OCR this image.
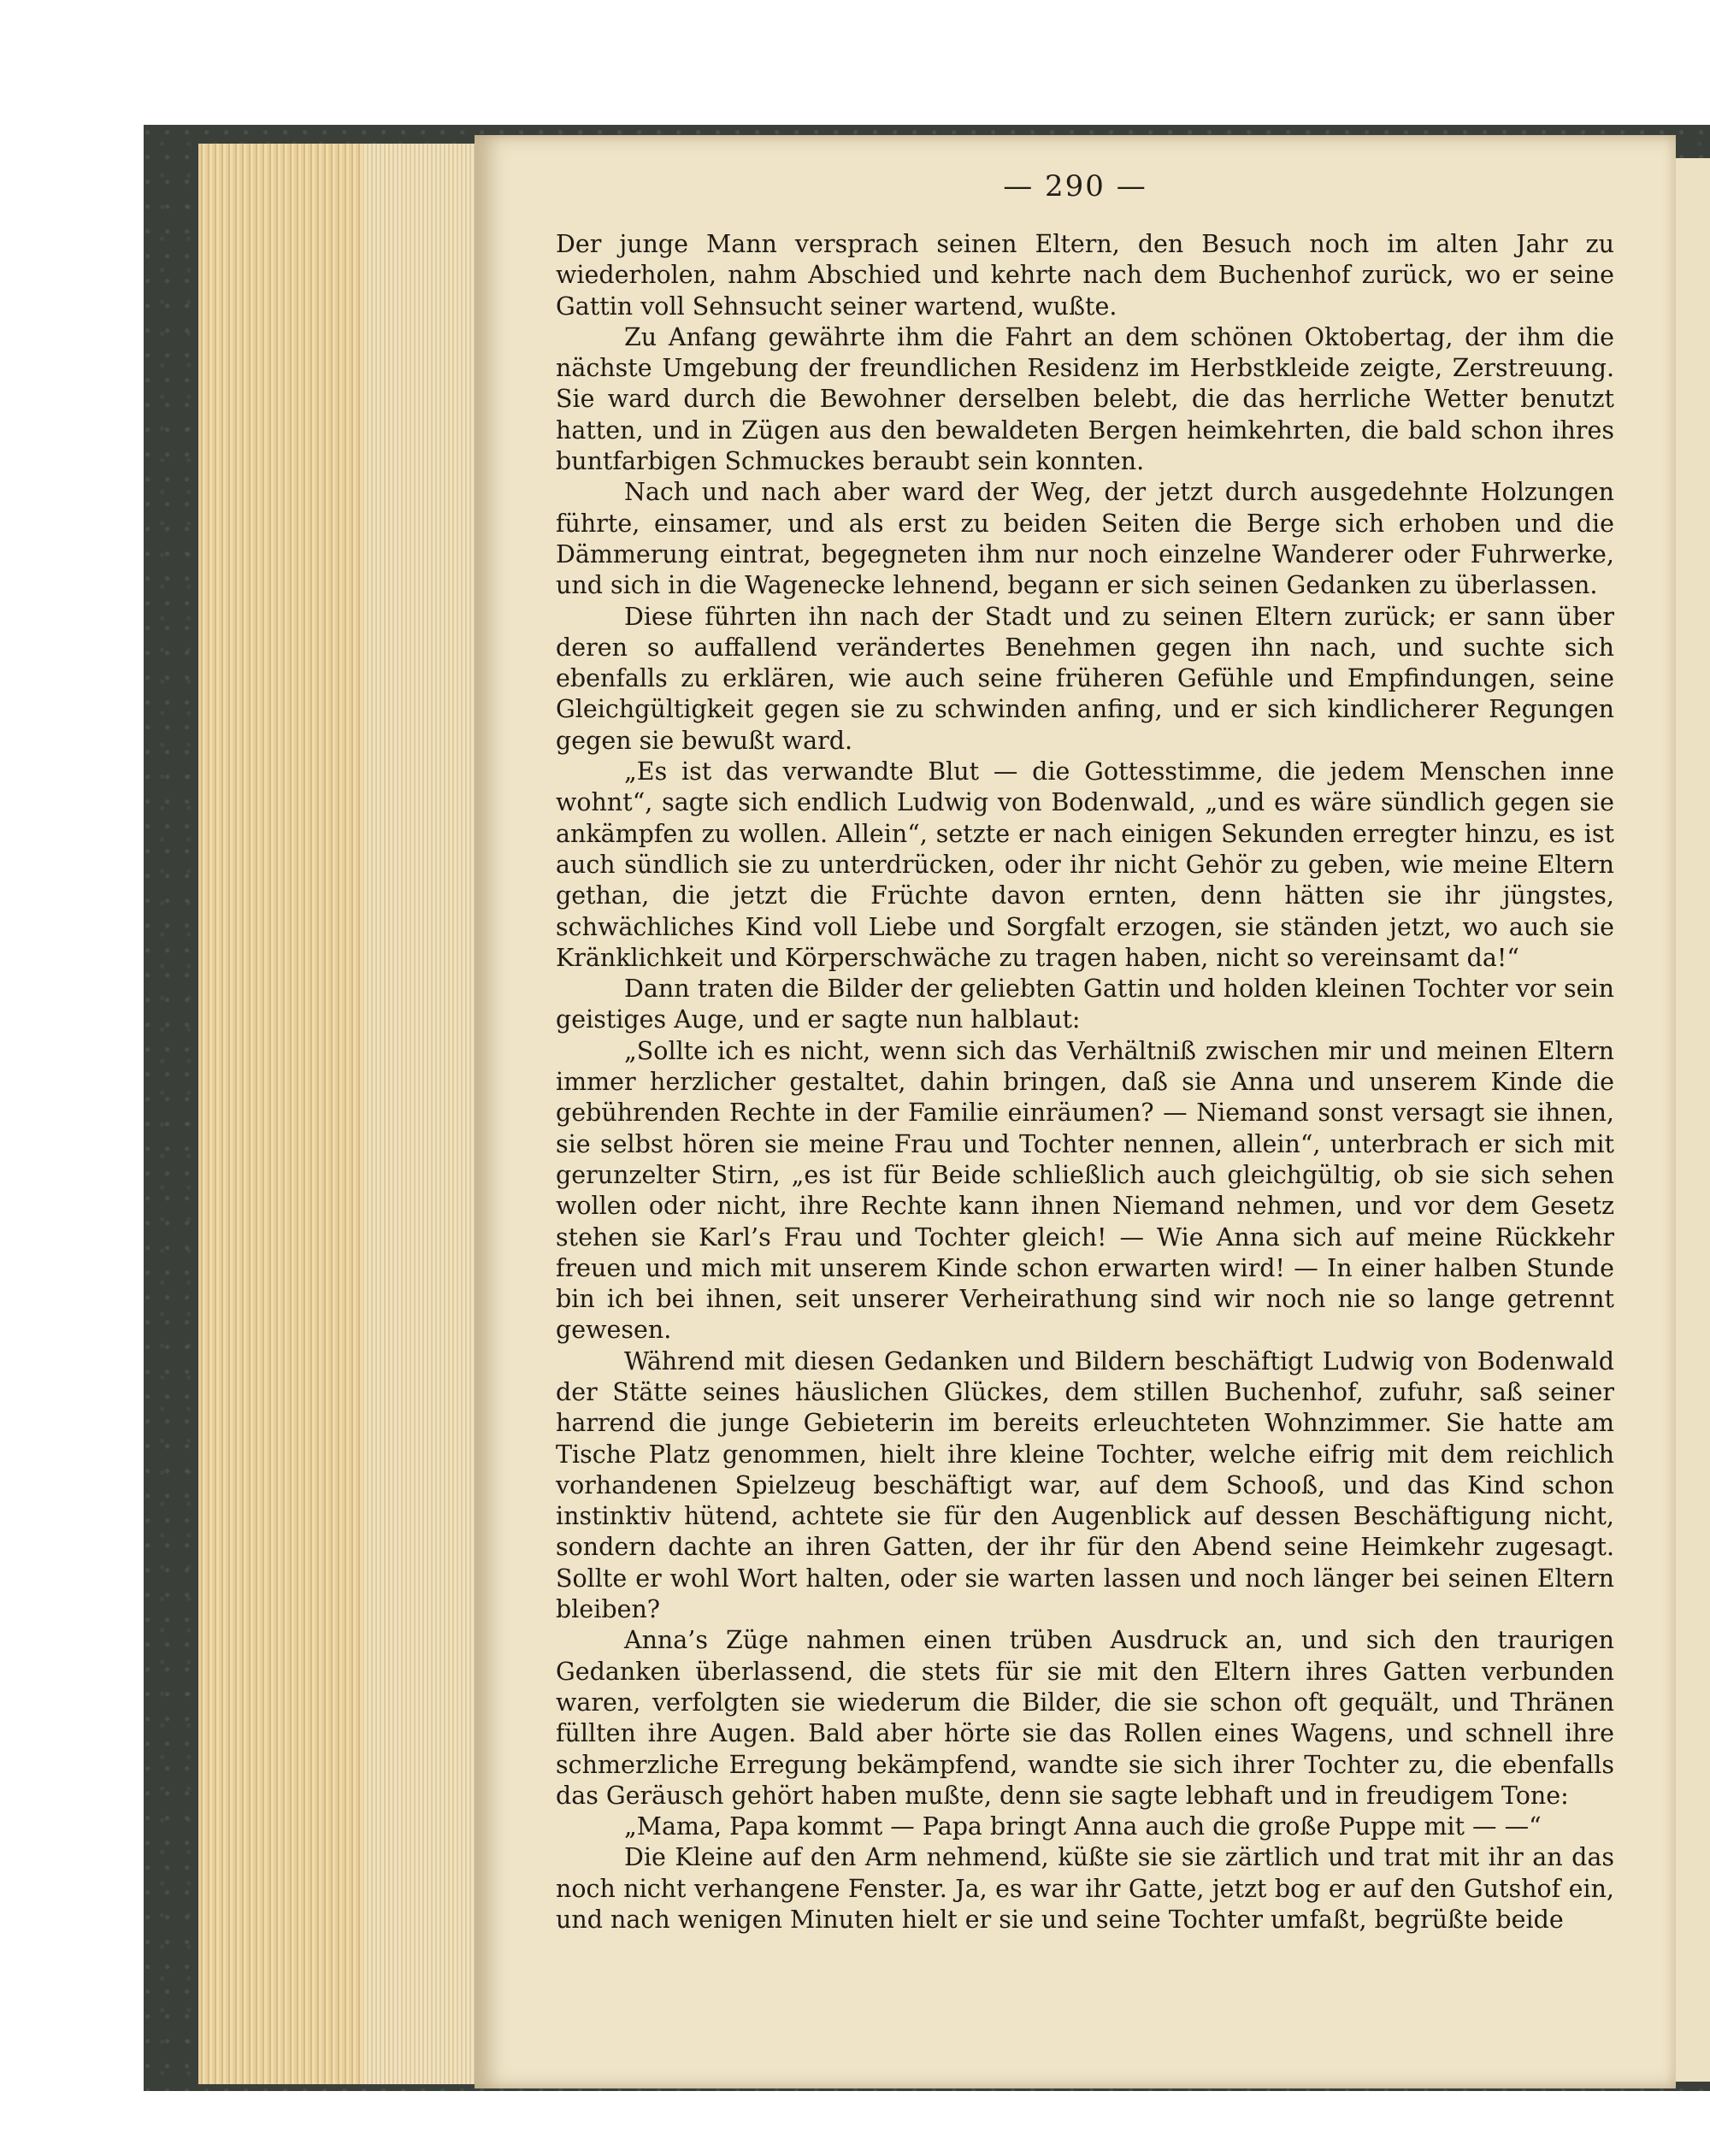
— 290 —

Der junge Mann versprach seinen Eltern, den Besuch noch im alten Jahr zu wiederholen, nahm Abschied und kehrte nach dem Buchenhof zurück, wo er seine Gattin voll Sehnsucht seiner wartend, wußte.

Zu Anfang gewährte ihm die Fahrt an dem schönen Oktobertag, der ihm die nächste Umgebung der freundlichen Residenz im Herbstkleide zeigte, Zerstreuung. Sie ward durch die Bewohner derselben belebt, die das herrliche Wetter benutzt hatten, und in Zügen aus den bewaldeten Bergen heimkehrten, die bald schon ihres buntfarbigen Schmuckes beraubt sein konnten.

Nach und nach aber ward der Weg, der jetzt durch ausgedehnte Holzungen führte, einsamer, und als erst zu beiden Seiten die Berge sich erhoben und die Dämmerung eintrat, begegneten ihm nur noch einzelne Wanderer oder Fuhrwerke, und sich in die Wagenecke lehnend, begann er sich seinen Gedanken zu überlassen.

Diese führten ihn nach der Stadt und zu seinen Eltern zurück; er sann über deren so auffallend verändertes Benehmen gegen ihn nach, und suchte sich ebenfalls zu erklären, wie auch seine früheren Gefühle und Empfindungen, seine Gleichgültigkeit gegen sie zu schwinden anfing, und er sich kindlicherer Regungen gegen sie bewußt ward.

„Es ist das verwandte Blut — die Gottesstimme, die jedem Menschen inne wohnt“, sagte sich endlich Ludwig von Bodenwald, „und es wäre sündlich gegen sie ankämpfen zu wollen. Allein“, setzte er nach einigen Sekunden erregter hinzu, es ist auch sündlich sie zu unterdrücken, oder ihr nicht Gehör zu geben, wie meine Eltern gethan, die jetzt die Früchte davon ernten, denn hätten sie ihr jüngstes, schwächliches Kind voll Liebe und Sorgfalt erzogen, sie ständen jetzt, wo auch sie Kränklichkeit und Körperschwäche zu tragen haben, nicht so vereinsamt da!“

Dann traten die Bilder der geliebten Gattin und holden kleinen Tochter vor sein geistiges Auge, und er sagte nun halblaut:

„Sollte ich es nicht, wenn sich das Verhältniß zwischen mir und meinen Eltern immer herzlicher gestaltet, dahin bringen, daß sie Anna und unserem Kinde die gebührenden Rechte in der Familie einräumen? — Niemand sonst versagt sie ihnen, sie selbst hören sie meine Frau und Tochter nennen, allein“, unterbrach er sich mit gerunzelter Stirn, „es ist für Beide schließlich auch gleichgültig, ob sie sich sehen wollen oder nicht, ihre Rechte kann ihnen Niemand nehmen, und vor dem Gesetz stehen sie Karl’s Frau und Tochter gleich! — Wie Anna sich auf meine Rückkehr freuen und mich mit unserem Kinde schon erwarten wird! — In einer halben Stunde bin ich bei ihnen, seit unserer Verheirathung sind wir noch nie so lange getrennt gewesen.

Während mit diesen Gedanken und Bildern beschäftigt Ludwig von Bodenwald der Stätte seines häuslichen Glückes, dem stillen Buchenhof, zufuhr, saß seiner harrend die junge Gebieterin im bereits erleuchteten Wohnzimmer. Sie hatte am Tische Platz genommen, hielt ihre kleine Tochter, welche eifrig mit dem reichlich vorhandenen Spielzeug beschäftigt war, auf dem Schooß, und das Kind schon instinktiv hütend, achtete sie für den Augenblick auf dessen Beschäftigung nicht, sondern dachte an ihren Gatten, der ihr für den Abend seine Heimkehr zugesagt. Sollte er wohl Wort halten, oder sie warten lassen und noch länger bei seinen Eltern bleiben?

Anna’s Züge nahmen einen trüben Ausdruck an, und sich den traurigen Gedanken überlassend, die stets für sie mit den Eltern ihres Gatten verbunden waren, verfolgten sie wiederum die Bilder, die sie schon oft gequält, und Thränen füllten ihre Augen. Bald aber hörte sie das Rollen eines Wagens, und schnell ihre schmerzliche Erregung bekämpfend, wandte sie sich ihrer Tochter zu, die ebenfalls das Geräusch gehört haben mußte, denn sie sagte lebhaft und in freudigem Tone:

„Mama, Papa kommt — Papa bringt Anna auch die große Puppe mit — —“

Die Kleine auf den Arm nehmend, küßte sie sie zärtlich und trat mit ihr an das noch nicht verhangene Fenster. Ja, es war ihr Gatte, jetzt bog er auf den Gutshof ein, und nach wenigen Minuten hielt er sie und seine Tochter umfaßt, begrüßte beide
